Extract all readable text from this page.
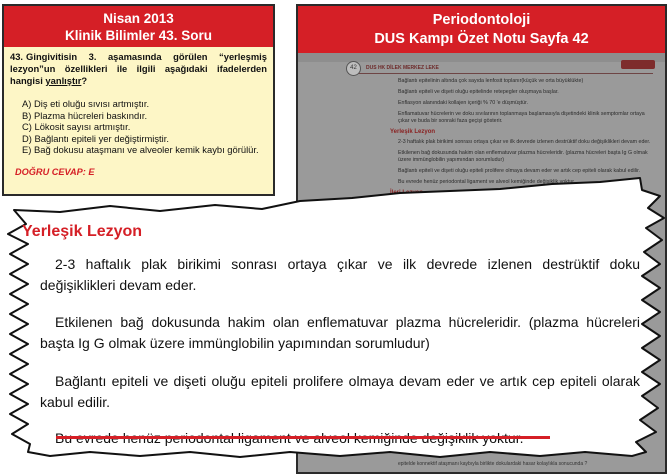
Nisan 2013
Klinik Bilimler 43. Soru
43. Gingivitisin 3. aşamasında görülen “yerleşmiş lezyon”un özellikleri ile ilgili aşağıdaki ifadelerden hangisi yanlıştır?
A) Diş eti oluğu sıvısı artmıştır.
B) Plazma hücreleri baskındır.
C) Lökosit sayısı artmıştır.
D) Bağlantı epiteli yer değiştirmiştir.
E) Bağ dokusu ataşmanı ve alveoler kemik kaybı görülür.
DOĞRU CEVAP: E
Periodontoloji
DUS Kampı Özet Notu Sayfa 42
42	DUS HK DİLEK MERKEZ LEKE

Bağlantı epitelinin altında çok sayıda lenfosit toplanır(küçük ve orta büyüklükte)

Bağlantı epiteli ve dişeti oluğu epitelinde retepegler oluşmaya başlar.

Enflasyon alanındaki kollajen içeriği % 70 'e düşmüştür.

Enflamatuvar hücrelerin ve doku sıvılarının toplanmaya başlamasıyla dişetindeki klinik semptomlar ortaya çıkar ve buda bir sonraki faza geçişi gösterir.

Yerleşik Lezyon

2-3 haftalık plak birikimi sonrası ortaya çıkar ve ilk devrede izlenen destrüktif doku değişiklikleri devam eder.

Etkilenen bağ dokusunda hakim olan enflematuvar plazma hücreleridir. (plazma hücreleri başta Ig G olmak üzere immünglobilin yapımından sorumludur)

Bağlantı epiteli ve dişeti oluğu epiteli prolifere olmaya devam eder ve artık cep epiteli olarak kabul edilir.

Bu evrede henüz periodontal ligament ve alveol kemiğinde değişiklik yoktur.

epitelde konnektif ataşmanı kaybıyla birlikte dokulardaki hasar kolaylıkla sonucunda ?
Yerleşik Lezyon

2-3 haftalık plak birikimi sonrası ortaya çıkar ve ilk devrede izlenen destrüktif doku değişiklikleri devam eder.

Etkilenen bağ dokusunda hakim olan enflematuvar plazma hücreleridir. (plazma hücreleri başta Ig G olmak üzere immünglobilin yapımından sorumludur)

Bağlantı epiteli ve dişeti oluğu epiteli prolifere olmaya devam eder ve artık cep epiteli olarak kabul edilir.
